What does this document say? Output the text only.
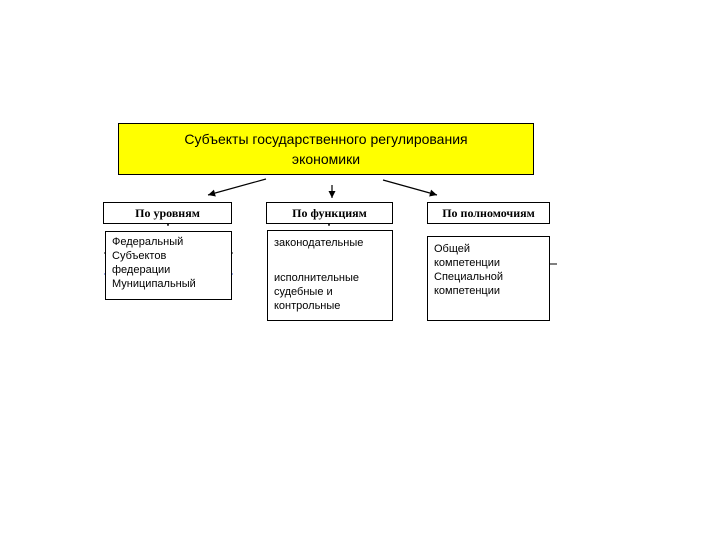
Субъекты государственного регулирования
экономики
По уровням	По функциям	По полномочиям
Федеральный
Субъектов
федерации
Муниципальный
законодательные
исполнительные
судебные и
контрольные
Общей
компетенции
Специальной
компетенции
